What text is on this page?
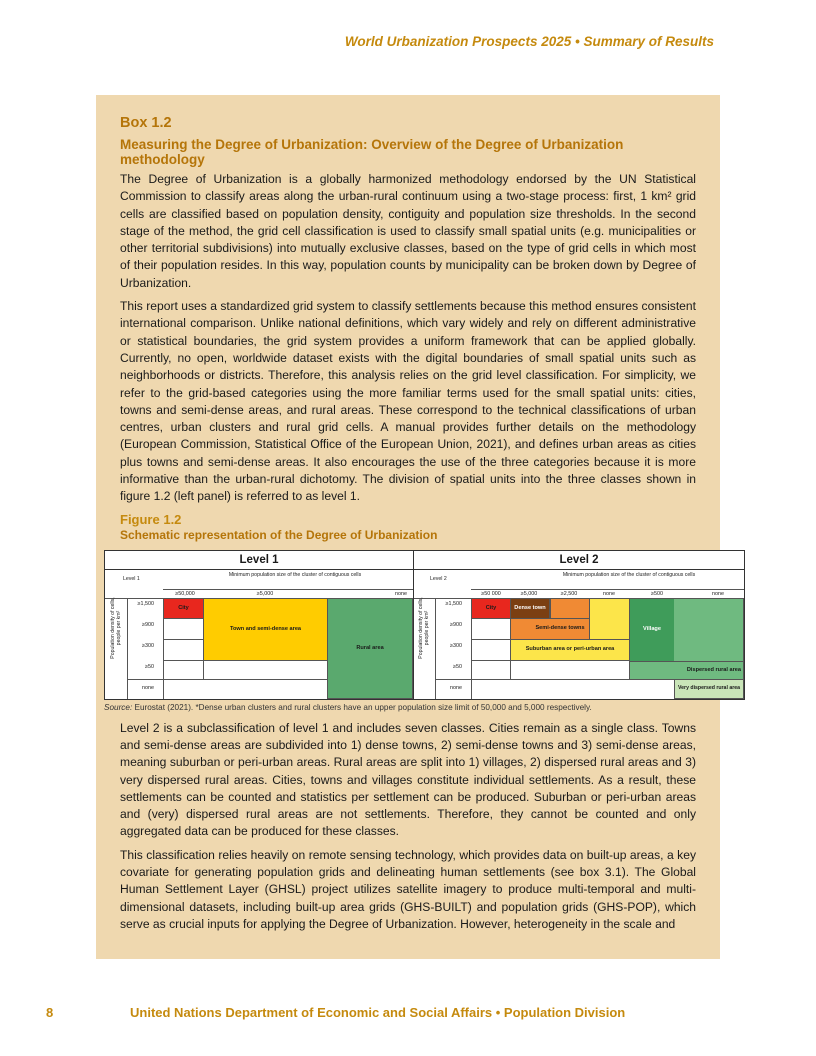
World Urbanization Prospects 2025 • Summary of Results

Box 1.2

Measuring the Degree of Urbanization: Overview of the Degree of Urbanization methodology

The Degree of Urbanization is a globally harmonized methodology endorsed by the UN Statistical Commission to classify areas along the urban-rural continuum using a two-stage process: first, 1 km² grid cells are classified based on population density, contiguity and population size thresholds. In the second stage of the method, the grid cell classification is used to classify small spatial units (e.g. municipalities or other territorial subdivisions) into mutually exclusive classes, based on the type of grid cells in which most of their population resides. In this way, population counts by municipality can be broken down by Degree of Urbanization.

This report uses a standardized grid system to classify settlements because this method ensures consistent international comparison. Unlike national definitions, which vary widely and rely on different administrative or statistical boundaries, the grid system provides a uniform framework that can be applied globally. Currently, no open, worldwide dataset exists with the digital boundaries of small spatial units such as neighborhoods or districts. Therefore, this analysis relies on the grid level classification. For simplicity, we refer to the grid-based categories using the more familiar terms used for the small spatial units: cities, towns and semi-dense areas, and rural areas. These correspond to the technical classifications of urban centres, urban clusters and rural grid cells. A manual provides further details on the methodology (European Commission, Statistical Office of the European Union, 2021), and defines urban areas as cities plus towns and semi-dense areas. It also encourages the use of the three categories because it is more informative than the urban-rural dichotomy. The division of spatial units into the three classes shown in figure 1.2 (left panel) is referred to as level 1.

Figure 1.2

Schematic representation of the Degree of Urbanization

Level 1
Level 1
Minimum population size of the cluster of contiguous cells
≥50,000	≥5,000	none
Population density of cells, people per km²
≥1,500
≥900
≥300
≥50
none
City
Town and semi-dense area
Rural area
Level 2
Level 2
Minimum population size of the cluster of contiguous cells
≥50 000	≥5,000	≥2,500	none	≥500	none
Population density of cells, people per km²
≥1,500
≥900
≥300
≥50
none
City	Dense town
Semi-dense towns
Suburban area or peri-urban area
Village
Dispersed rural area
Very dispersed rural area

Source: Eurostat (2021). *Dense urban clusters and rural clusters have an upper population size limit of 50,000 and 5,000 respectively.

Level 2 is a subclassification of level 1 and includes seven classes. Cities remain as a single class. Towns and semi-dense areas are subdivided into 1) dense towns, 2) semi-dense towns and 3) semi-dense areas, meaning suburban or peri-urban areas. Rural areas are split into 1) villages, 2) dispersed rural areas and 3) very dispersed rural areas. Cities, towns and villages constitute individual settlements. As a result, these settlements can be counted and statistics per settlement can be produced. Suburban or peri-urban areas and (very) dispersed rural areas are not settlements. Therefore, they cannot be counted and only aggregated data can be produced for these classes.

This classification relies heavily on remote sensing technology, which provides data on built-up areas, a key covariate for generating population grids and delineating human settlements (see box 3.1). The Global Human Settlement Layer (GHSL) project utilizes satellite imagery to produce multi-temporal and multi-dimensional datasets, including built-up area grids (GHS-BUILT) and population grids (GHS-POP), which serve as crucial inputs for applying the Degree of Urbanization. However, heterogeneity in the scale and

8	United Nations Department of Economic and Social Affairs • Population Division
